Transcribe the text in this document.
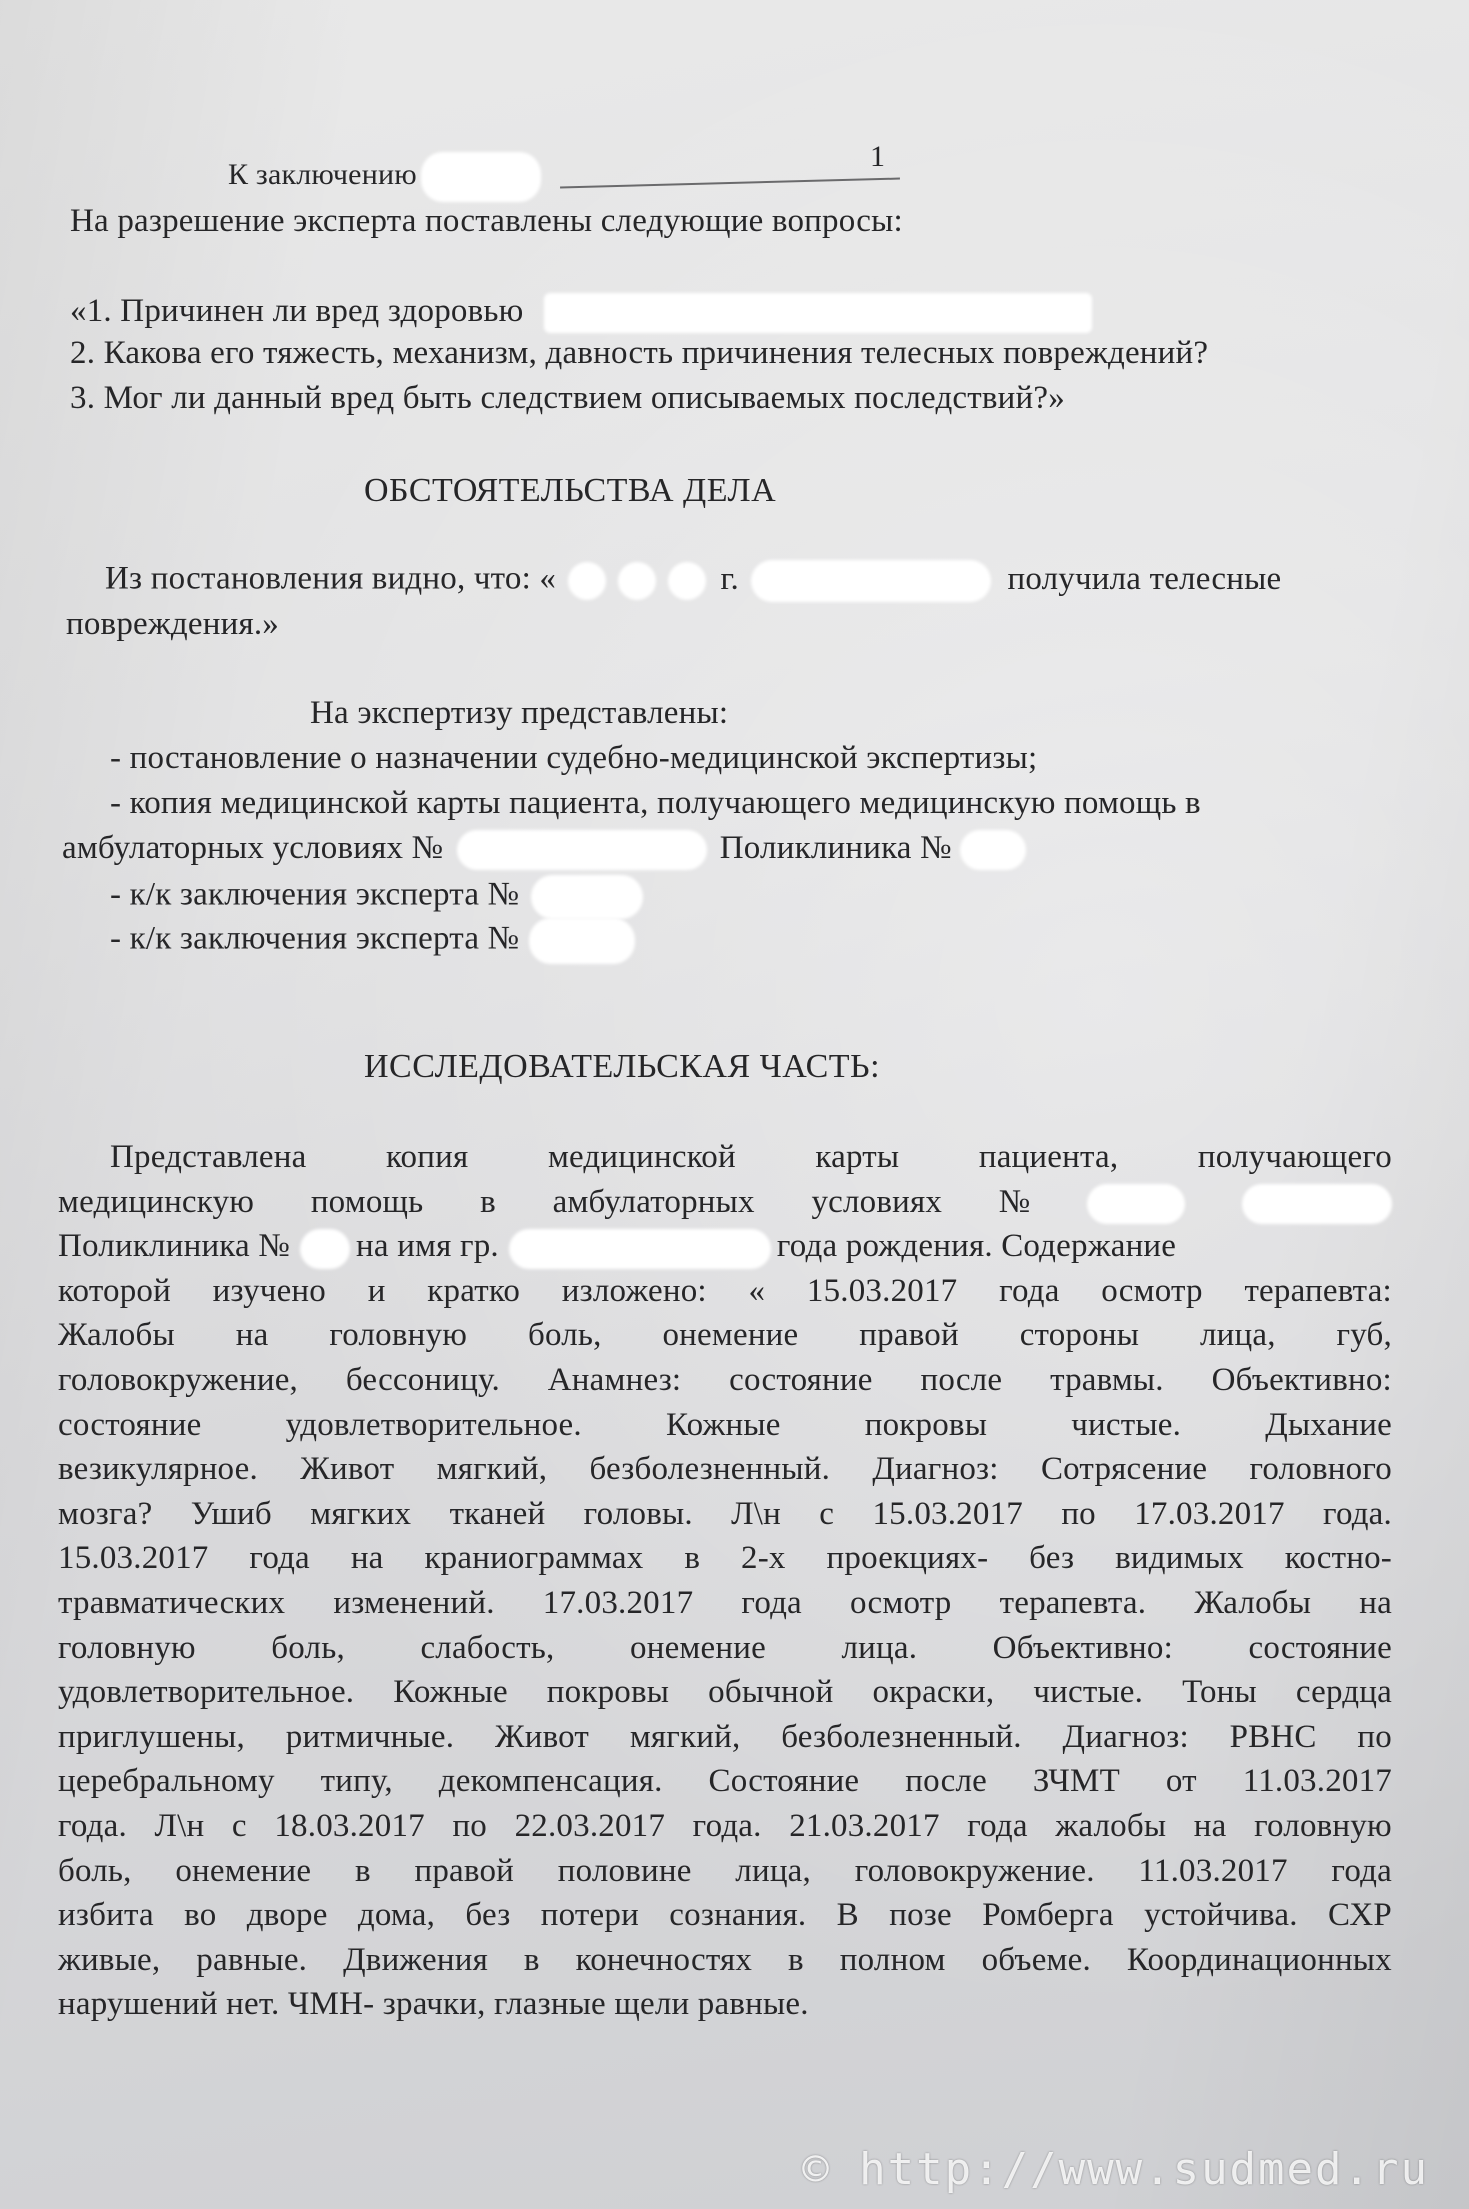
К заключению
1
На разрешение эксперта поставлены следующие вопросы:
«1. Причинен ли вред здоровью
2. Какова его тяжесть, механизм, давность причинения телесных повреждений?
3. Мог ли данный вред быть следствием описываемых последствий?»
ОБСТОЯТЕЛЬСТВА ДЕЛА
Из постановления видно, что: «	г.	получила телесные
повреждения.»
На экспертизу представлены:
- постановление о назначении судебно-медицинской экспертизы;
- копия медицинской карты пациента, получающего медицинскую помощь в
амбулаторных условиях №	Поликлиника №
- к/к заключения эксперта №
- к/к заключения эксперта №
ИССЛЕДОВАТЕЛЬСКАЯ ЧАСТЬ:
Представлена копия медицинской карты пациента, получающего
медицинскую помощь в амбулаторных условиях №
Поликлиника № на имя гр.	года рождения. Содержание
которой изучено и кратко изложено: « 15.03.2017 года осмотр терапевта:
Жалобы на головную боль, онемение правой стороны лица, губ,
головокружение, бессоницу. Анамнез: состояние после травмы. Объективно:
состояние	удовлетворительное.	Кожные	покровы	чистые.	Дыхание
везикулярное. Живот мягкий, безболезненный. Диагноз: Сотрясение головного
мозга? Ушиб мягких тканей головы. Л\н с 15.03.2017 по 17.03.2017 года.
15.03.2017 года на краниограммах в 2-х проекциях- без видимых костно-
травматических изменений. 17.03.2017 года осмотр терапевта. Жалобы на
головную боль, слабость, онемение лица. Объективно: состояние
удовлетворительное. Кожные покровы обычной окраски, чистые. Тоны сердца
приглушены, ритмичные. Живот мягкий, безболезненный. Диагноз: РВНС по
церебральному типу, декомпенсация. Состояние после ЗЧМТ от 11.03.2017
года. Л\н с 18.03.2017 по 22.03.2017 года. 21.03.2017 года жалобы на головную
боль, онемение в правой половине лица, головокружение. 11.03.2017 года
избита во дворе дома, без потери сознания. В позе Ромберга устойчива. СХР
живые, равные. Движения в конечностях в полном объеме. Координационных
нарушений нет. ЧМН- зрачки, глазные щели равные.
© http://www.sudmed.ru
